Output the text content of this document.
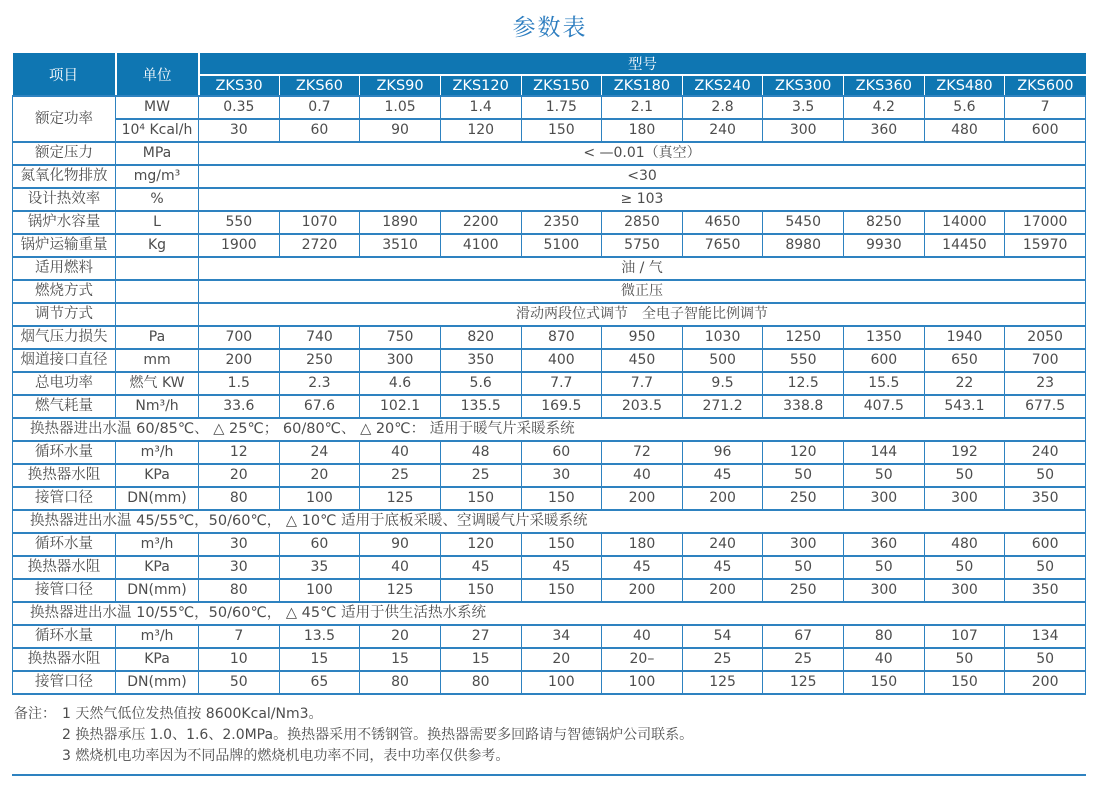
参数表
项目	单位	型号										
		ZKS30	ZKS60	ZKS90	ZKS120	ZKS150	ZKS180	ZKS240	ZKS300	ZKS360	ZKS480	ZKS600
额定功率	MW	0.35	0.7	1.05	1.4	1.75	2.1	2.8	3.5	4.2	5.6	7
	10⁴ Kcal/h	30	60	90	120	150	180	240	300	360	480	600
额定压力	MPa	< —0.01（真空）										
氮氧化物排放	mg/m³	<30										
设计热效率	%	≥ 103										
锅炉水容量	L	550	1070	1890	2200	2350	2850	4650	5450	8250	14000	17000
锅炉运输重量	Kg	1900	2720	3510	4100	5100	5750	7650	8980	9930	14450	15970
适用燃料		油 / 气										
燃烧方式		微正压										
调节方式		滑动两段位式调节　全电子智能比例调节										
烟气压力损失	Pa	700	740	750	820	870	950	1030	1250	1350	1940	2050
烟道接口直径	mm	200	250	300	350	400	450	500	550	600	650	700
总电功率	燃气 KW	1.5	2.3	4.6	5.6	7.7	7.7	9.5	12.5	15.5	22	23
燃气耗量	Nm³/h	33.6	67.6	102.1	135.5	169.5	203.5	271.2	338.8	407.5	543.1	677.5
换热器进出水温 60/85℃、 △ 25℃； 60/80℃、 △ 20℃： 适用于暖气片采暖系统												
循环水量	m³/h	12	24	40	48	60	72	96	120	144	192	240
换热器水阻	KPa	20	20	25	25	30	40	45	50	50	50	50
接管口径	DN(mm)	80	100	125	150	150	200	200	250	300	300	350
换热器进出水温 45/55℃，50/60℃， △ 10℃ 适用于底板采暖、空调暖气片采暖系统												
循环水量	m³/h	30	60	90	120	150	180	240	300	360	480	600
换热器水阻	KPa	30	35	40	45	45	45	45	50	50	50	50
接管口径	DN(mm)	80	100	125	150	150	200	200	250	300	300	350
换热器进出水温 10/55℃，50/60℃， △ 45℃ 适用于供生活热水系统												
循环水量	m³/h	7	13.5	20	27	34	40	54	67	80	107	134
换热器水阻	KPa	10	15	15	15	20	20–	25	25	40	50	50
接管口径	DN(mm)	50	65	80	80	100	100	125	125	150	150	200
备注： 1 天然气低位发热值按 8600Kcal/Nm3。
2 换热器承压 1.0、1.6、2.0MPa。换热器采用不锈钢管。换热器需要多回路请与智德锅炉公司联系。
3 燃烧机电功率因为不同品牌的燃烧机电功率不同，表中功率仅供参考。
